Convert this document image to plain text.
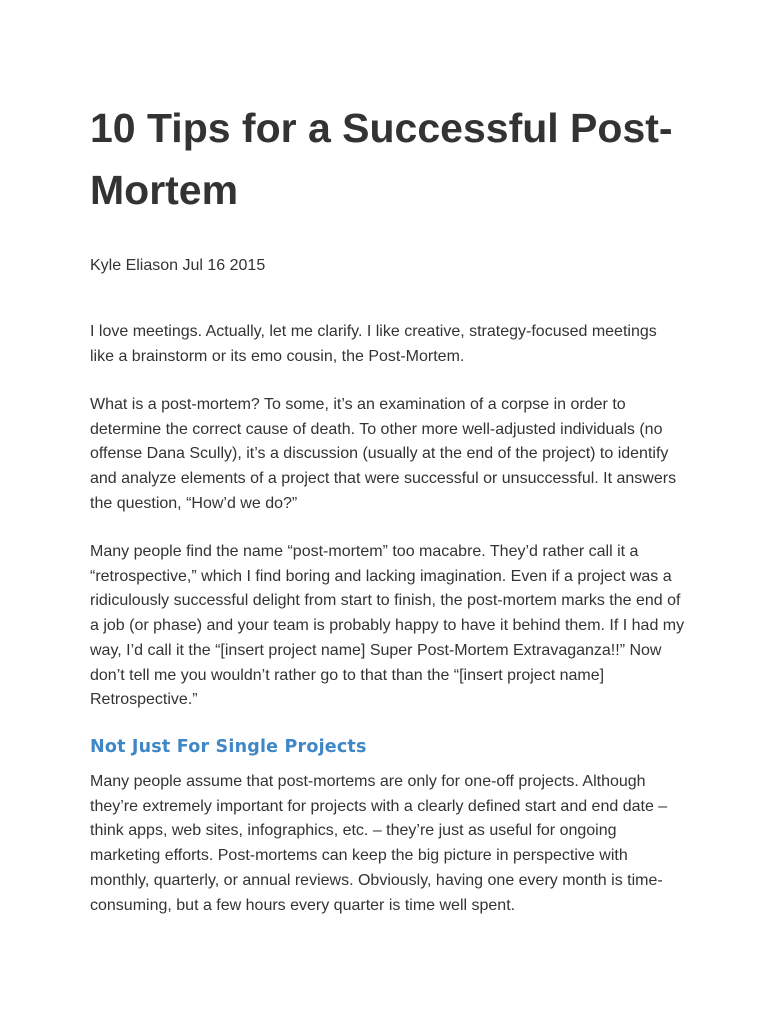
10 Tips for a Successful Post-Mortem

Kyle Eliason Jul 16 2015

I love meetings. Actually, let me clarify. I like creative, strategy-focused meetings like a brainstorm or its emo cousin, the Post-Mortem.

What is a post-mortem? To some, it’s an examination of a corpse in order to determine the correct cause of death. To other more well-adjusted individuals (no offense Dana Scully), it’s a discussion (usually at the end of the project) to identify and analyze elements of a project that were successful or unsuccessful. It answers the question, “How’d we do?”

Many people find the name “post-mortem” too macabre. They’d rather call it a “retrospective,” which I find boring and lacking imagination. Even if a project was a ridiculously successful delight from start to finish, the post-mortem marks the end of a job (or phase) and your team is probably happy to have it behind them. If I had my way, I’d call it the “[insert project name] Super Post-Mortem Extravaganza!!” Now don’t tell me you wouldn’t rather go to that than the “[insert project name] Retrospective.”

Not Just For Single Projects

Many people assume that post-mortems are only for one-off projects. Although they’re extremely important for projects with a clearly defined start and end date – think apps, web sites, infographics, etc. – they’re just as useful for ongoing marketing efforts. Post-mortems can keep the big picture in perspective with monthly, quarterly, or annual reviews. Obviously, having one every month is time-consuming, but a few hours every quarter is time well spent.
